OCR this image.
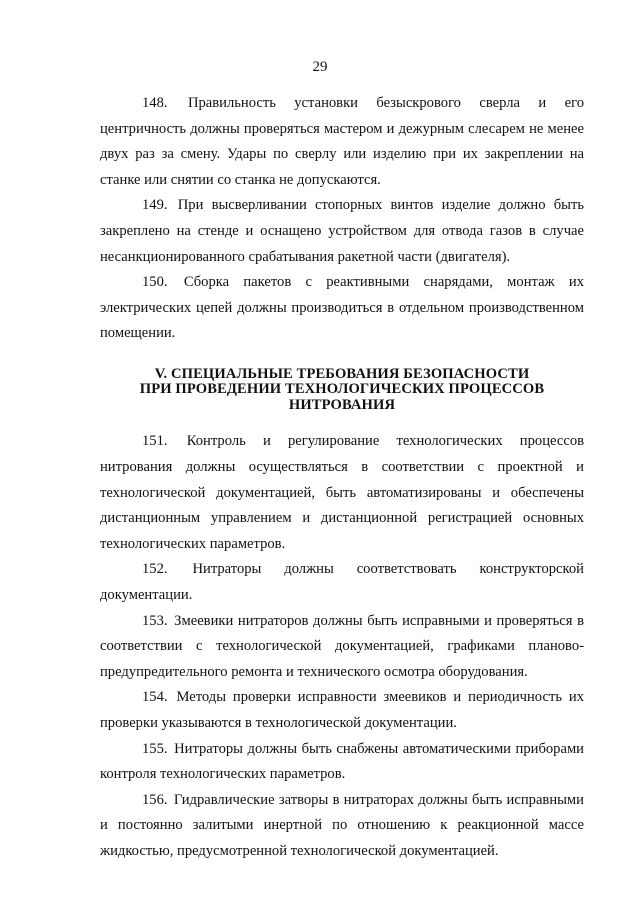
29

148. Правильность установки безыскрового сверла и его центричность должны проверяться мастером и дежурным слесарем не менее двух раз за смену. Удары по сверлу или изделию при их закреплении на станке или снятии со станка не допускаются.

149. При высверливании стопорных винтов изделие должно быть закреплено на стенде и оснащено устройством для отвода газов в случае несанкционированного срабатывания ракетной части (двигателя).

150. Сборка пакетов с реактивными снарядами, монтаж их электрических цепей должны производиться в отдельном производственном помещении.

V. СПЕЦИАЛЬНЫЕ ТРЕБОВАНИЯ БЕЗОПАСНОСТИ
ПРИ ПРОВЕДЕНИИ ТЕХНОЛОГИЧЕСКИХ ПРОЦЕССОВ
НИТРОВАНИЯ

151. Контроль и регулирование технологических процессов нитрования должны осуществляться в соответствии с проектной и технологической документацией, быть автоматизированы и обеспечены дистанционным управлением и дистанционной регистрацией основных технологических параметров.

152. Нитраторы должны соответствовать конструкторской документации.

153. Змеевики нитраторов должны быть исправными и проверяться в соответствии с технологической документацией, графиками планово-предупредительного ремонта и технического осмотра оборудования.

154. Методы проверки исправности змеевиков и периодичность их проверки указываются в технологической документации.

155. Нитраторы должны быть снабжены автоматическими приборами контроля технологических параметров.

156. Гидравлические затворы в нитраторах должны быть исправными и постоянно залитыми инертной по отношению к реакционной массе жидкостью, предусмотренной технологической документацией.
